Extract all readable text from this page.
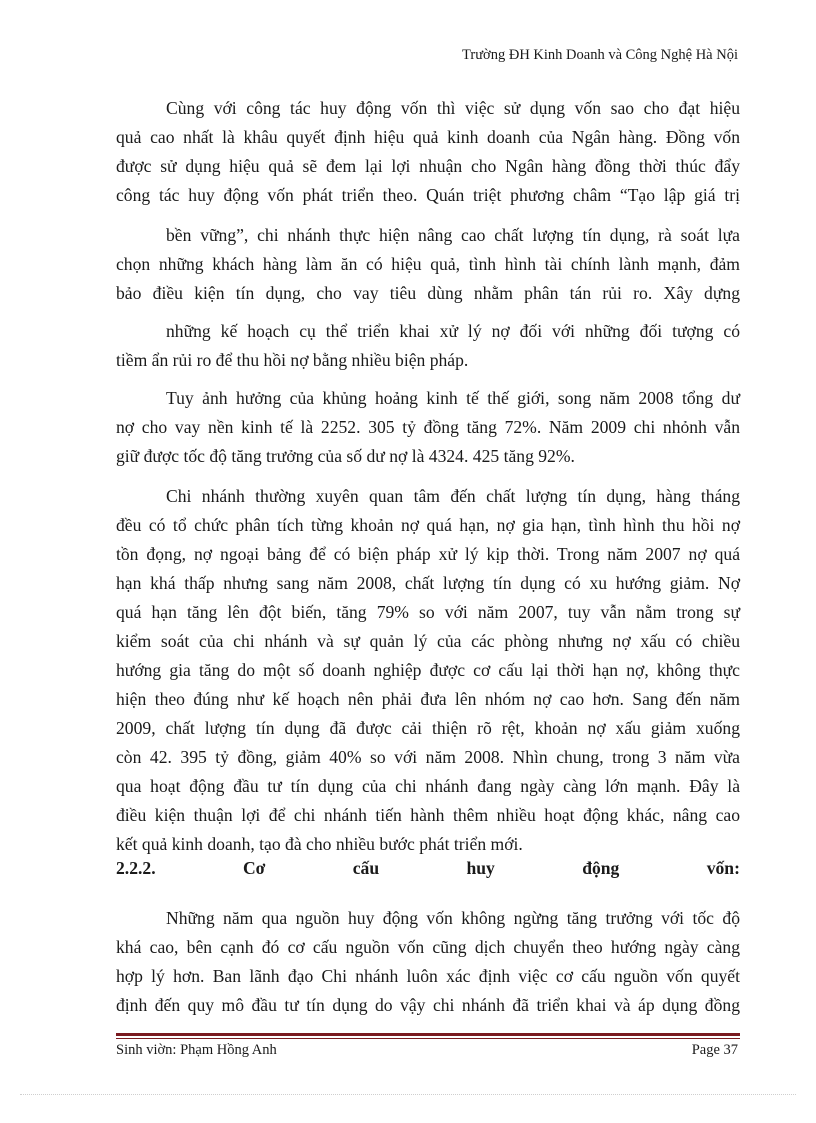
Trường ĐH Kinh Doanh và Công Nghệ Hà Nội

Cùng với công tác huy động vốn thì việc sử dụng vốn sao cho đạt hiệu
quả cao nhất là khâu quyết định hiệu quả kinh doanh của Ngân hàng. Đồng vốn
được sử dụng hiệu quả sẽ đem lại lợi nhuận cho Ngân hàng đồng thời thúc đẩy
công tác huy động vốn phát triển theo. Quán triệt phương châm “Tạo lập giá trị

bền vững”, chi nhánh thực hiện nâng cao chất lượng tín dụng, rà soát lựa
chọn những khách hàng làm ăn có hiệu quả, tình hình tài chính lành mạnh, đảm
bảo điều kiện tín dụng, cho vay tiêu dùng nhằm phân tán rủi ro. Xây dựng

những kế hoạch cụ thể triển khai xử lý nợ đối với những đối tượng có
tiềm ẩn rủi ro để thu hồi nợ bằng nhiều biện pháp.

Tuy ảnh hưởng của khủng hoảng kinh tế thế giới, song năm 2008 tổng dư
nợ cho vay nền kinh tế là 2252. 305 tỷ đồng tăng 72%. Năm 2009 chi nhỏnh vẫn
giữ được tốc độ tăng trưởng của số dư nợ là 4324. 425 tăng 92%.

Chi nhánh thường xuyên quan tâm đến chất lượng tín dụng, hàng tháng
đều có tổ chức phân tích từng khoản nợ quá hạn, nợ gia hạn, tình hình thu hồi nợ
tồn đọng, nợ ngoại bảng để có biện pháp xử lý kịp thời. Trong năm 2007 nợ quá
hạn khá thấp nhưng sang năm 2008, chất lượng tín dụng có xu hướng giảm. Nợ
quá hạn tăng lên đột biến, tăng 79% so với năm 2007, tuy vẫn nằm trong sự
kiểm soát của chi nhánh và sự quản lý của các phòng nhưng nợ xấu có chiều
hướng gia tăng do một số doanh nghiệp được cơ cấu lại thời hạn nợ, không thực
hiện theo đúng như kế hoạch nên phải đưa lên nhóm nợ cao hơn. Sang đến năm
2009, chất lượng tín dụng đã được cải thiện rõ rệt, khoản nợ xấu giảm xuống
còn 42. 395 tỷ đồng, giảm 40% so với năm 2008. Nhìn chung, trong 3 năm vừa
qua hoạt động đầu tư tín dụng của chi nhánh đang ngày càng lớn mạnh. Đây là
điều kiện thuận lợi để chi nhánh tiến hành thêm nhiều hoạt động khác, nâng cao
kết quả kinh doanh, tạo đà cho nhiều bước phát triển mới.

2.2.2.	Cơ	cấu	huy	động	vốn:

Những năm qua nguồn huy động vốn không ngừng tăng trưởng với tốc độ
khá cao, bên cạnh đó cơ cấu nguồn vốn cũng dịch chuyển theo hướng ngày càng
hợp lý hơn. Ban lãnh đạo Chi nhánh luôn xác định việc cơ cấu nguồn vốn quyết
định đến quy mô đầu tư tín dụng do vậy chi nhánh đã triển khai và áp dụng đồng

Sinh viờn: Phạm Hồng Anh	Page 37
